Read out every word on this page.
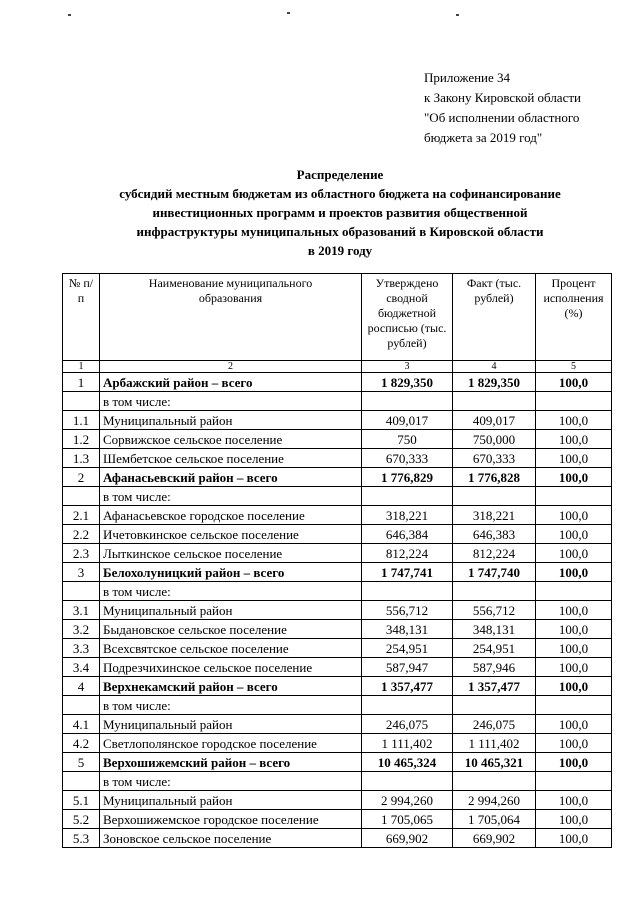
Приложение 34
к Закону Кировской области
"Об исполнении областного
бюджета за 2019 год"
Распределение
субсидий местным бюджетам из областного бюджета на софинансирование
инвестиционных программ и проектов развития общественной
инфраструктуры муниципальных образований в Кировской области
в 2019 году
№ п/п	Наименование муниципального образования	Утверждено сводной бюджетной росписью (тыс. рублей)	Факт (тыс. рублей)	Процент исполнения (%)
1	2	3	4	5
1	Арбажский район – всего	1 829,350	1 829,350	100,0
	в том числе:			
1.1	Муниципальный район	409,017	409,017	100,0
1.2	Сорвижское сельское поселение	750	750,000	100,0
1.3	Шембетское сельское поселение	670,333	670,333	100,0
2	Афанасьевский район – всего	1 776,829	1 776,828	100,0
	в том числе:			
2.1	Афанасьевское городское поселение	318,221	318,221	100,0
2.2	Ичетовкинское сельское поселение	646,384	646,383	100,0
2.3	Лыткинское сельское поселение	812,224	812,224	100,0
3	Белохолуницкий район – всего	1 747,741	1 747,740	100,0
	в том числе:			
3.1	Муниципальный район	556,712	556,712	100,0
3.2	Быдановское сельское поселение	348,131	348,131	100,0
3.3	Всехсвятское сельское поселение	254,951	254,951	100,0
3.4	Подрезчихинское сельское поселение	587,947	587,946	100,0
4	Верхнекамский район – всего	1 357,477	1 357,477	100,0
	в том числе:			
4.1	Муниципальный район	246,075	246,075	100,0
4.2	Светлополянское городское поселение	1 111,402	1 111,402	100,0
5	Верхошижемский район – всего	10 465,324	10 465,321	100,0
	в том числе:			
5.1	Муниципальный район	2 994,260	2 994,260	100,0
5.2	Верхошижемское городское поселение	1 705,065	1 705,064	100,0
5.3	Зоновское сельское поселение	669,902	669,902	100,0
